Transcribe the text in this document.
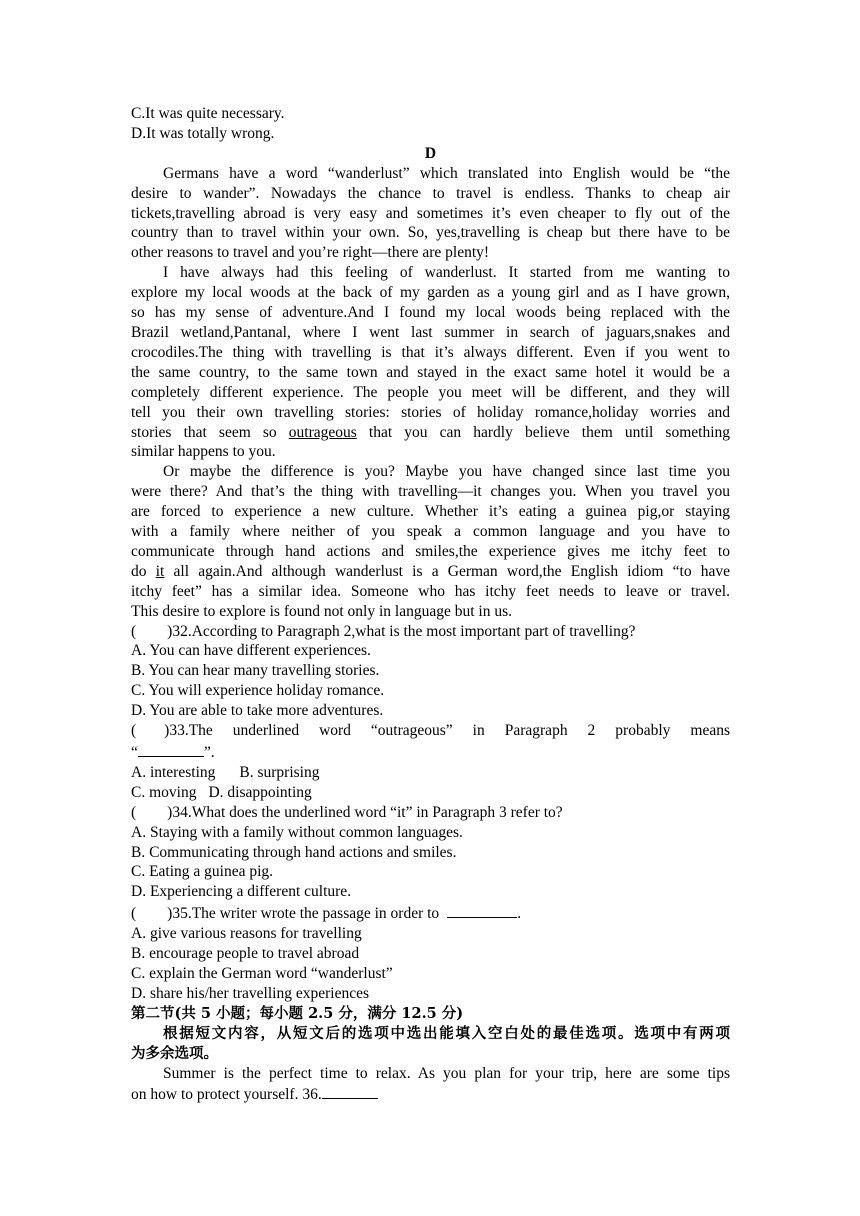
C.It was quite necessary.
D.It was totally wrong.
D
Germans have a word “wanderlust” which translated into English would be “the
desire to wander”. Nowadays the chance to travel is endless. Thanks to cheap air
tickets,travelling abroad is very easy and sometimes it’s even cheaper to fly out of the
country than to travel within your own. So, yes,travelling is cheap but there have to be
other reasons to travel and you’re right—there are plenty!
I have always had this feeling of wanderlust. It started from me wanting to
explore my local woods at the back of my garden as a young girl and as I have grown,
so has my sense of adventure.And I found my local woods being replaced with the
Brazil wetland,Pantanal, where I went last summer in search of jaguars,snakes and
crocodiles.The thing with travelling is that it’s always different. Even if you went to
the same country, to the same town and stayed in the exact same hotel it would be a
completely different experience. The people you meet will be different, and they will
tell you their own travelling stories: stories of holiday romance,holiday worries and
stories that seem so outrageous that you can hardly believe them until something
similar happens to you.
Or maybe the difference is you? Maybe you have changed since last time you
were there? And that’s the thing with travelling—it changes you. When you travel you
are forced to experience a new culture. Whether it’s eating a guinea pig,or staying
with a family where neither of you speak a common language and you have to
communicate through hand actions and smiles,the experience gives me itchy feet to
do it all again.And although wanderlust is a German word,the English idiom “to have
itchy feet” has a similar idea. Someone who has itchy feet needs to leave or travel.
This desire to explore is found not only in language but in us.
(        )32.According to Paragraph 2,what is the most important part of travelling?
A. You can have different experiences.
B. You can hear many travelling stories.
C. You will experience holiday romance.
D. You are able to take more adventures.
( )33.The underlined word “outrageous” in Paragraph 2 probably means
“	”.
A. interesting B. surprising
C. moving D. disappointing
(        )34.What does the underlined word “it” in Paragraph 3 refer to?
A. Staying with a family without common languages.
B. Communicating through hand actions and smiles.
C. Eating a guinea pig.
D. Experiencing a different culture.
(        )35.The writer wrote the passage in order to	.
A. give various reasons for travelling
B. encourage people to travel abroad
C. explain the German word “wanderlust”
D. share his/her travelling experiences
第二节(共 5 小题；每小题 2.5 分，满分 12.5 分)
根据短文内容，从短文后的选项中选出能填入空白处的最佳选项。选项中有两项
为多余选项。
Summer is the perfect time to relax. As you plan for your trip, here are some tips
on how to protect yourself. 36.
